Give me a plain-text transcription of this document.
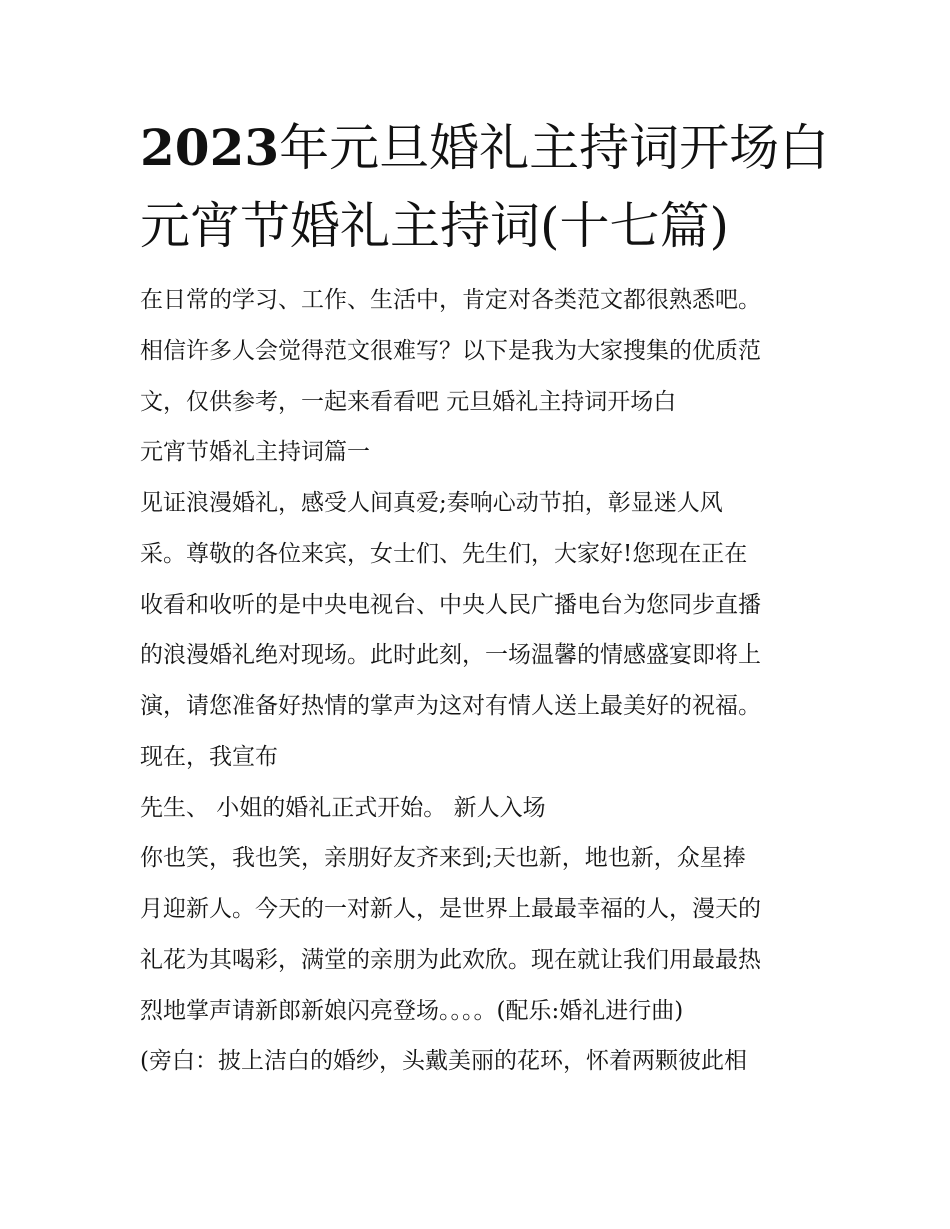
2023年元旦婚礼主持词开场白
元宵节婚礼主持词(十七篇)
在日常的学习、工作、生活中，肯定对各类范文都很熟悉吧。
相信许多人会觉得范文很难写？以下是我为大家搜集的优质范
文，仅供参考，一起来看看吧 元旦婚礼主持词开场白
元宵节婚礼主持词篇一
见证浪漫婚礼，感受人间真爱;奏响心动节拍，彰显迷人风
采。尊敬的各位来宾，女士们、先生们，大家好!您现在正在
收看和收听的是中央电视台、中央人民广播电台为您同步直播
的浪漫婚礼绝对现场。此时此刻，一场温馨的情感盛宴即将上
演，请您准备好热情的掌声为这对有情人送上最美好的祝福。
现在，我宣布
先生、 小姐的婚礼正式开始。 新人入场
你也笑，我也笑，亲朋好友齐来到;天也新，地也新，众星捧
月迎新人。今天的一对新人，是世界上最最幸福的人，漫天的
礼花为其喝彩，满堂的亲朋为此欢欣。现在就让我们用最最热
烈地掌声请新郎新娘闪亮登场。。。。(配乐:婚礼进行曲)
(旁白：披上洁白的婚纱，头戴美丽的花环，怀着两颗彼此相
